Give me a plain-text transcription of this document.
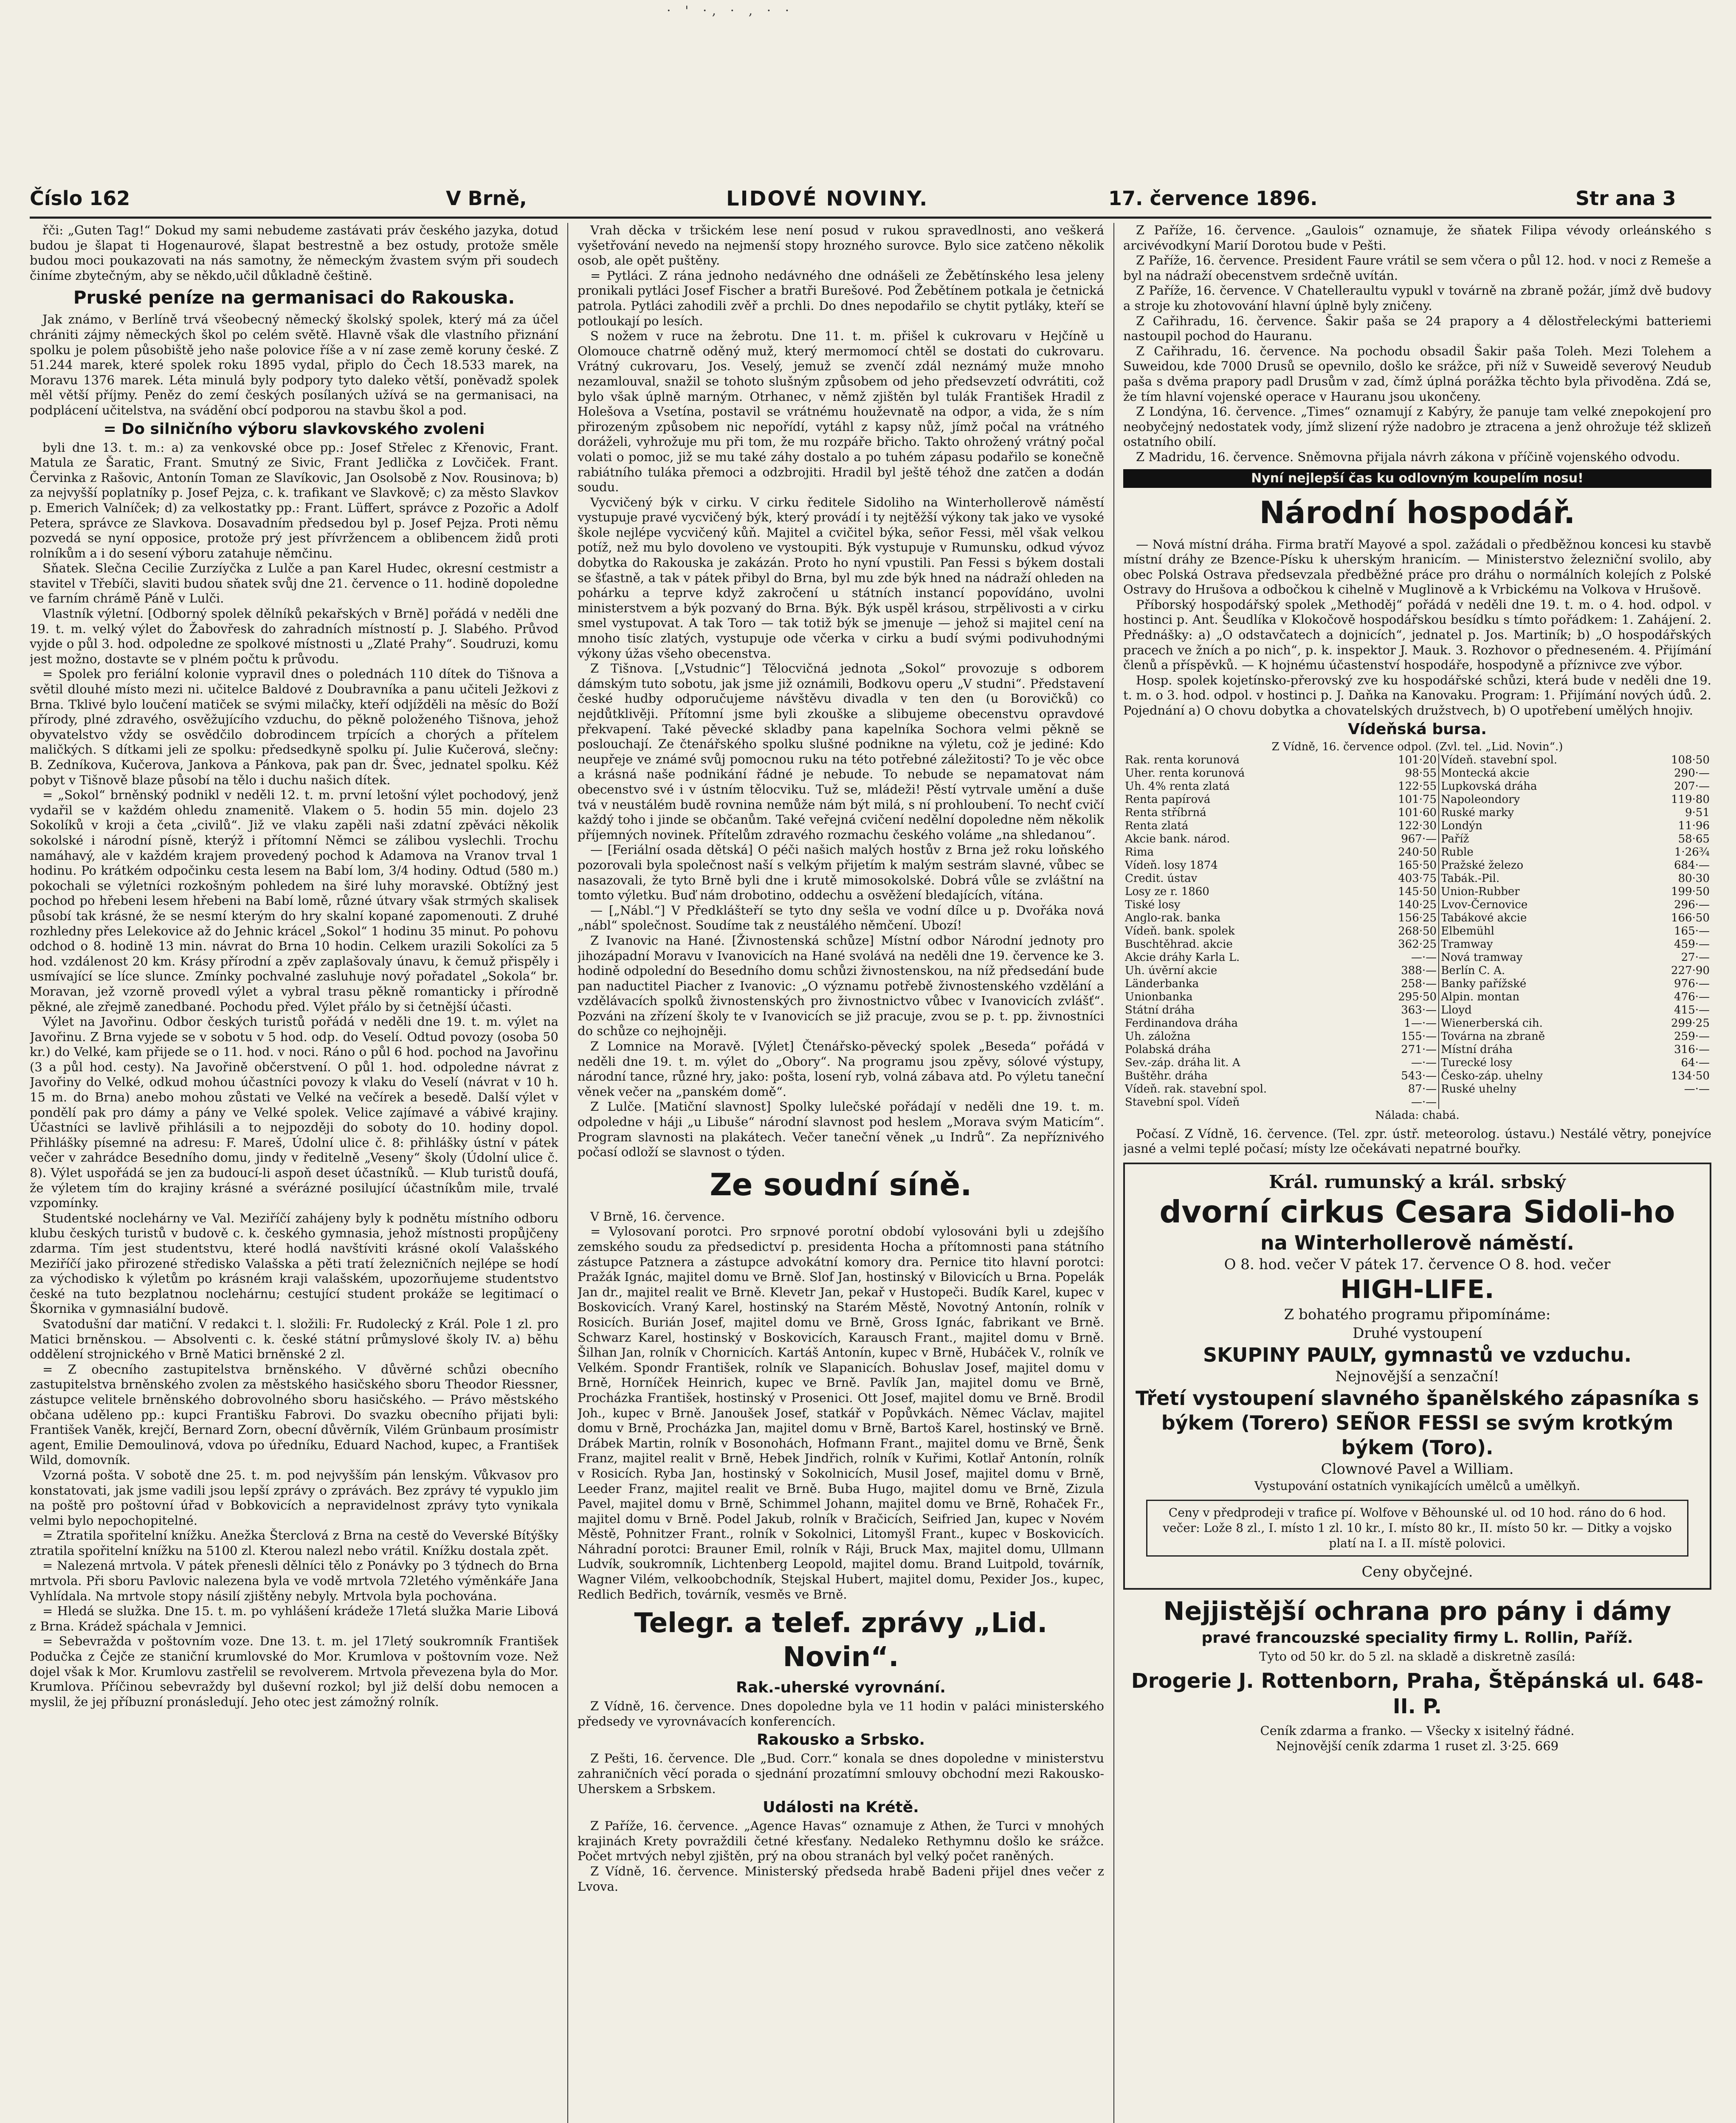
· ' ·‚ · ‚ · ·
Číslo 162	V Brně,	LIDOVÉ NOVINY.	17. července 1896.	Str ana 3

řči: „Guten Tag!“ Dokud my sami nebudeme zastávati práv českého jazyka, dotud budou je šlapat ti Hogenaurové, šlapat bestrestně a bez ostudy, protože směle budou moci poukazovati na nás samotny, že německým žvastem svým při soudech činíme zbytečným, aby se někdo,učil důkladně češtině.

Pruské peníze na germanisaci do Rakouska.

Jak známo, v Berlíně trvá všeobecný německý školský spolek, který má za účel chrániti zájmy německých škol po celém světě. Hlavně však dle vlastního přiznání spolku je polem působiště jeho naše polovice říše a v ní zase země koruny české. Z 51.244 marek, které spolek roku 1895 vydal, připlo do Čech 18.533 marek, na Moravu 1376 marek. Léta minulá byly podpory tyto daleko větší, poněvadž spolek měl větší příjmy. Peněz do zemí českých posílaných užívá se na germanisaci, na podplácení učitelstva, na svádění obcí podporou na stavbu škol a pod.

= Do silničního výboru slavkovského zvoleni

byli dne 13. t. m.: a) za venkovské obce pp.: Josef Střelec z Křenovic, Frant. Matula ze Šaratic, Frant. Smutný ze Sivic, Frant Jedlička z Lovčiček. Frant. Červinka z Rašovic, Antonín Toman ze Slavíkovic, Jan Osolsobě z Nov. Rousinova; b) za nejvyšší poplatníky p. Josef Pejza, c. k. trafikant ve Slavkově; c) za město Slavkov p. Emerich Valníček; d) za velkostatky pp.: Frant. Lüffert, správce z Pozořic a Adolf Petera, správce ze Slavkova. Dosavadním předsedou byl p. Josef Pejza. Proti němu pozvedá se nyní opposice, protože prý jest přívržencem a oblibencem židů proti rolníkům a i do sesení výboru zatahuje němčinu.

Sňatek. Slečna Cecilie Zurzíyčka z Lulče a pan Karel Hudec, okresní cestmistr a stavitel v Třebíči, slaviti budou sňatek svůj dne 21. července o 11. hodině dopoledne ve farním chrámě Páně v Lulči.

Vlastník výletní. [Odborný spolek dělníků pekařských v Brně] pořádá v neděli dne 19. t. m. velký výlet do Žabovřesk do zahradních místností p. J. Slabého. Průvod vyjde o půl 3. hod. odpoledne ze spolkové místnosti u „Zlaté Prahy“. Soudruzi, komu jest možno, dostavte se v plném počtu k průvodu.

= Spolek pro feriální kolonie vypravil dnes o polednách 110 dítek do Tišnova a světil dlouhé místo mezi ni. učitelce Baldové z Doubravníka a panu učiteli Ježkovi z Brna. Tklivé bylo loučení matiček se svými milačky, kteří odjížděli na měsíc do Boží přírody, plné zdravého, osvěžujícího vzduchu, do pěkně položeného Tišnova, jehož obyvatelstvo vždy se osvědčilo dobrodincem trpících a chorých a přítelem maličkých. S dítkami jeli ze spolku: předsedkyně spolku pí. Julie Kučerová, slečny: B. Zedníkova, Kučerova, Jankova a Pánkova, pak pan dr. Švec, jednatel spolku. Kéž pobyt v Tišnově blaze působí na tělo i duchu našich dítek.

= „Sokol“ brněnský podnikl v neděli 12. t. m. první letošní výlet pochodový, jenž vydařil se v každém ohledu znamenitě. Vlakem o 5. hodin 55 min. dojelo 23 Sokolíků v kroji a četa „civilů“. Již ve vlaku zapěli naši zdatní zpěváci několik sokolské i národní písně, kterýž i přítomní Němci se zálibou vyslechli. Trochu namáhavý, ale v každém krajem provedený pochod k Adamova na Vranov trval 1 hodinu. Po krátkém odpočinku cesta lesem na Babí lom, 3/4 hodiny. Odtud (580 m.) pokochali se výletníci rozkošným pohledem na širé luhy moravské. Obtížný jest pochod po hřebeni lesem hřebeni na Babí lomě, různé útvary však strmých skalisek působí tak krásné, že se nesmí kterým do hry skalní kopané zapomenouti. Z druhé rozhledny přes Lelekovice až do Jehnic krácel „Sokol“ 1 hodinu 35 minut. Po pohovu odchod o 8. hodině 13 min. návrat do Brna 10 hodin. Celkem urazili Sokolíci za 5 hod. vzdálenost 20 km. Krásy přírodní a zpěv zaplašovaly únavu, k čemuž přispěly i usmívající se líce slunce. Zmínky pochvalné zasluhuje nový pořadatel „Sokola“ br. Moravan, jež vzorně provedl výlet a vybral trasu pěkně romanticky i přírodně pěkné, ale zřejmě zanedbané. Pochodu před. Výlet přálo by si četnější účasti.

Výlet na Javořinu. Odbor českých turistů pořádá v neděli dne 19. t. m. výlet na Javořinu. Z Brna vyjede se v sobotu v 5 hod. odp. do Veselí. Odtud povozy (osoba 50 kr.) do Velké, kam přijede se o 11. hod. v noci. Ráno o půl 6 hod. pochod na Javořinu (3 a půl hod. cesty). Na Javořině občerstvení. O půl 1. hod. odpoledne návrat z Javořiny do Velké, odkud mohou účastníci povozy k vlaku do Veselí (návrat v 10 h. 15 m. do Brna) anebo mohou zůstati ve Velké na večírek a besedě. Další výlet v pondělí pak pro dámy a pány ve Velké spolek. Velice zajímavé a vábivé krajiny. Účastníci se lavlivě přihlásili a to nejpozději do soboty do 10. hodiny dopol. Přihlášky písemné na adresu: F. Mareš, Údolní ulice č. 8: přihlášky ústní v pátek večer v zahrádce Besedního domu, jindy v ředitelně „Veseny“ školy (Údolní ulice č. 8). Výlet uspořádá se jen za budoucí-li aspoň deset účastníků. — Klub turistů doufá, že výletem tím do krajiny krásné a svérázné posilující účastníkům mile, trvalé vzpomínky.

Studentské noclehárny ve Val. Meziříčí zahájeny byly k podnětu místního odboru klubu českých turistů v budově c. k. českého gymnasia, jehož místnosti propůjčeny zdarma. Tím jest studentstvu, které hodlá navštíviti krásné okolí Valašského Meziříčí jako přirozené středisko Valašska a pěti tratí železničních nejlépe se hodí za východisko k výletům po krásném kraji valašském, upozorňujeme studentstvo české na tuto bezplatnou noclehárnu; cestující student prokáže se legitimací o Škornika v gymnasiální budově.

Svatodušní dar matiční. V redakci t. l. složili: Fr. Rudolecký z Král. Pole 1 zl. pro Matici brněnskou. — Absolventi c. k. české státní průmyslové školy IV. a) běhu oddělení strojnického v Brně Matici brněnské 2 zl.

= Z obecního zastupitelstva brněnského. V důvěrné schůzi obecního zastupitelstva brněnského zvolen za městského hasičského sboru Theodor Riessner, zástupce velitele brněnského dobrovolného sboru hasičského. — Právo městského občana uděleno pp.: kupci Františku Fabrovi. Do svazku obecního přijati byli: František Vaněk, krejčí, Bernard Zorn, obecní důvěrník, Vilém Grünbaum prosímistr agent, Emilie Demoulinová, vdova po úředníku, Eduard Nachod, kupec, a František Wild, domovník.

Vzorná pošta. V sobotě dne 25. t. m. pod nejvyšším pán lenským. Vůkvasov pro konstatovati, jak jsme vadili jsou lepší zprávy o zprávách. Bez zprávy té vypuklo jim na poště pro poštovní úřad v Bobkovicích a nepravidelnost zprávy tyto vynikala velmi bylo nepochopitelné.

= Ztratila spořitelní knížku. Anežka Šterclová z Brna na cestě do Veverské Bítýšky ztratila spořitelní knížku na 5100 zl. Kterou nalezl nebo vrátil. Knížku dostala zpět.

= Nalezená mrtvola. V pátek přenesli dělníci tělo z Ponávky po 3 týdnech do Brna mrtvola. Při sboru Pavlovic nalezena byla ve vodě mrtvola 72letého výměnkáře Jana Vyhlídala. Na mrtvole stopy násilí zjištěny nebyly. Mrtvola byla pochována.

= Hledá se služka. Dne 15. t. m. po vyhlášení krádeže 17letá služka Marie Libová z Brna. Krádež spáchala v Jemnici.

= Sebevražda v poštovním voze. Dne 13. t. m. jel 17letý soukromník František Podučka z Čejče ze staniční krumlovské do Mor. Krumlova v poštovním voze. Než dojel však k Mor. Krumlovu zastřelil se revolverem. Mrtvola převezena byla do Mor. Krumlova. Příčinou sebevraždy byl duševní rozkol; byl již delší dobu nemocen a myslil, že jej příbuzní pronásledují. Jeho otec jest zámožný rolník.

Vrah děcka v tršickém lese není posud v rukou spravedlnosti, ano veškerá vyšetřování nevedo na nejmenší stopy hrozného surovce. Bylo sice zatčeno několik osob, ale opět puštěny.

= Pytláci. Z rána jednoho nedávného dne odnášeli ze Žebětínského lesa jeleny pronikali pytláci Josef Fischer a bratři Burešové. Pod Žebětínem potkala je četnická patrola. Pytláci zahodili zvěř a prchli. Do dnes nepodařilo se chytit pytláky, kteří se potloukají po lesích.

S nožem v ruce na žebrotu. Dne 11. t. m. přišel k cukrovaru v Hejčíně u Olomouce chatrně oděný muž, který mermomocí chtěl se dostati do cukrovaru. Vrátný cukrovaru, Jos. Veselý, jemuž se zvenčí zdál neznámý muže mnoho nezamlouval, snažil se tohoto slušným způsobem od jeho předsevzetí odvrátiti, což bylo však úplně marným. Otrhanec, v němž zjištěn byl tulák František Hradil z Holešova a Vsetína, postavil se vrátnému houževnatě na odpor, a vida, že s ním přirozeným způsobem nic nepořídí, vytáhl z kapsy nůž, jímž počal na vrátného doráželi, vyhrožuje mu při tom, že mu rozpáře břicho. Takto ohrožený vrátný počal volati o pomoc, již se mu také záhy dostalo a po tuhém zápasu podařilo se konečně rabiátního tuláka přemoci a odzbrojiti. Hradil byl ještě téhož dne zatčen a dodán soudu.

Vycvičený býk v cirku. V cirku ředitele Sidoliho na Winterhollerově náměstí vystupuje pravé vycvičený býk, který provádí i ty nejtěžší výkony tak jako ve vysoké škole nejlépe vycvičený kůň. Majitel a cvičitel býka, señor Fessi, měl však velkou potíž, než mu bylo dovoleno ve vystoupiti. Býk vystupuje v Rumunsku, odkud vývoz dobytka do Rakouska je zakázán. Proto ho nyní vpustili. Pan Fessi s býkem dostali se šťastně, a tak v pátek přibyl do Brna, byl mu zde býk hned na nádraží ohleden na pohárku a teprve když zakročení u státních instancí popovídáno, uvolni ministerstvem a býk pozvaný do Brna. Býk. Býk uspěl krásou, strpělivosti a v cirku smel vystupovat. A tak Toro — tak totiž býk se jmenuje — jehož si majitel cení na mnoho tisíc zlatých, vystupuje ode včerka v cirku a budí svými podivuhodnými výkony úžas všeho obecenstva.

Z Tišnova. [„Vstudnic“] Tělocvičná jednota „Sokol“ provozuje s odborem dámským tuto sobotu, jak jsme již oznámili, Bodkovu operu „V studni“. Představení české hudby odporučujeme návštěvu divadla v ten den (u Borovičků) co nejdůtklivěji. Přítomní jsme byli zkouške a slibujeme obecenstvu opravdové překvapení. Také pěvecké skladby pana kapelníka Sochora velmi pěkně se poslouchají. Ze čtenářského spolku slušné podnikne na výletu, což je jediné: Kdo neupřeje ve známé svůj pomocnou ruku na této potřebné záležitosti? To je věc obce a krásná naše podnikání řádné je nebude. To nebude se nepamatovat nám obecenstvo své i v ústním tělocviku. Tuž se, mládeži! Pěstí vytrvale umění a duše tvá v neustálém budě rovnina nemůže nám být milá, s ní prohloubení. To nechť cvičí každý toho i jinde se občanům. Také veřejná cvičení nedělní dopoledne něm několik příjemných novinek. Přítelům zdravého rozmachu českého voláme „na shledanou“.

— [Feriální osada dětská] O péči našich malých hostův z Brna jež roku loňského pozorovali byla společnost naší s velkým přijetím k malým sestrám slavné, vůbec se nasazovali, že tyto Brně byli dne i krutě mimosokolské. Dobrá vůle se zvláštní na tomto výletku. Buď nám drobotino, oddechu a osvěžení bledajících, vítána.

— [„Nábl.“] V Předklášteří se tyto dny sešla ve vodní dílce u p. Dvořáka nová „nábl“ společnost. Soudíme tak z neustálého němčení. Ubozí!

Z Ivanovic na Hané. [Živnostenská schůze] Místní odbor Národní jednoty pro jihozápadní Moravu v Ivanovicích na Hané svolává na neděli dne 19. července ke 3. hodině odpolední do Besedního domu schůzi živnostenskou, na níž předsedání bude pan naductitel Piacher z Ivanovic: „O významu potřebě živnostenského vzdělání a vzdělávacích spolků živnostenských pro živnostnictvo vůbec v Ivanovicích zvlášť“. Pozváni na zřízení školy te v Ivanovicích se již pracuje, zvou se p. t. pp. živnostníci do schůze co nejhojněji.

Z Lomnice na Moravě. [Výlet] Čtenářsko-pěvecký spolek „Beseda“ pořádá v neděli dne 19. t. m. výlet do „Obory“. Na programu jsou zpěvy, sólové výstupy, národní tance, různé hry, jako: pošta, losení ryb, volná zábava atd. Po výletu taneční věnek večer na „panském domě“.

Z Lulče. [Matiční slavnost] Spolky lulečské pořádají v neděli dne 19. t. m. odpoledne v háji „u Libuše“ národní slavnost pod heslem „Morava svým Maticím“. Program slavnosti na plakátech. Večer taneční věnek „u Indrů“. Za nepříznivého počasí odloží se slavnost o týden.

Ze soudní síně.

V Brně, 16. července.

= Vylosovaní porotci. Pro srpnové porotní období vylosováni byli u zdejšího zemského soudu za předsedictví p. presidenta Hocha a přítomnosti pana státního zástupce Patznera a zástupce advokátní komory dra. Pernice tito hlavní porotci: Pražák Ignác, majitel domu ve Brně. Slof Jan, hostinský v Bilovicích u Brna. Popelák Jan dr., majitel realit ve Brně. Klevetr Jan, pekař v Hustopeči. Budík Karel, kupec v Boskovicích. Vraný Karel, hostinský na Starém Městě, Novotný Antonín, rolník v Rosicích. Burián Josef, majitel domu ve Brně, Gross Ignác, fabrikant ve Brně. Schwarz Karel, hostinský v Boskovicích, Karausch Frant., majitel domu v Brně. Šilhan Jan, rolník v Chornicích. Kartáš Antonín, kupec v Brně, Hubáček V., rolník ve Velkém. Spondr František, rolník ve Slapanicích. Bohuslav Josef, majitel domu v Brně, Horníček Heinrich, kupec ve Brně. Pavlík Jan, majitel domu ve Brně, Procházka František, hostinský v Prosenici. Ott Josef, majitel domu ve Brně. Brodil Joh., kupec v Brně. Janoušek Josef, statkář v Popůvkách. Němec Václav, majitel domu v Brně, Procházka Jan, majitel domu v Brně, Bartoš Karel, hostinský ve Brně. Drábek Martin, rolník v Bosonohách, Hofmann Frant., majitel domu ve Brně, Šenk Franz, majitel realit v Brně, Hebek Jindřich, rolník v Kuřimi, Kotlař Antonín, rolník v Rosicích. Ryba Jan, hostinský v Sokolnicích, Musil Josef, majitel domu v Brně, Leeder Franz, majitel realit ve Brně. Buba Hugo, majitel domu ve Brně, Zizula Pavel, majitel domu v Brně, Schimmel Johann, majitel domu ve Brně, Rohaček Fr., majitel domu v Brně. Podel Jakub, rolník v Bračicích, Seifried Jan, kupec v Novém Městě, Pohnitzer Frant., rolník v Sokolnici, Litomyšl Frant., kupec v Boskovicích. Náhradní porotci: Brauner Emil, rolník v Ráji, Bruck Max, majitel domu, Ullmann Ludvík, soukromník, Lichtenberg Leopold, majitel domu. Brand Luitpold, továrník, Wagner Vilém, velkoobchodník, Stejskal Hubert, majitel domu, Pexider Jos., kupec, Redlich Bedřich, továrník, vesměs ve Brně.

Telegr. a telef. zprávy „Lid. Novin“.

Rak.-uherské vyrovnání.

Z Vídně, 16. července. Dnes dopoledne byla ve 11 hodin v paláci ministerského předsedy ve vyrovnávacích konferencích.

Rakousko a Srbsko.

Z Pešti, 16. července. Dle „Bud. Corr.“ konala se dnes dopoledne v ministerstvu zahraničních věcí porada o sjednání prozatímní smlouvy obchodní mezi Rakousko-Uherskem a Srbskem.

Události na Krétě.

Z Paříže, 16. července. „Agence Havas“ oznamuje z Athen, že Turci v mnohých krajinách Krety povraždili četné křesťany. Nedaleko Rethymnu došlo ke srážce. Počet mrtvých nebyl zjištěn, prý na obou stranách byl velký počet raněných.

Z Vídně, 16. července. Ministerský předseda hrabě Badeni přijel dnes večer z Lvova.

Z Paříže, 16. července. „Gaulois“ oznamuje, že sňatek Filipa vévody orleánského s arcivévodkyní Marií Dorotou bude v Pešti.

Z Paříže, 16. července. President Faure vrátil se sem včera o půl 12. hod. v noci z Remeše a byl na nádraží obecenstvem srdečně uvítán.

Z Paříže, 16. července. V Chatelleraultu vypukl v továrně na zbraně požár, jímž dvě budovy a stroje ku zhotovování hlavní úplně byly zničeny.

Z Cařihradu, 16. července. Šakir paša se 24 prapory a 4 dělostřeleckými batteriemi nastoupil pochod do Hauranu.

Z Cařihradu, 16. července. Na pochodu obsadil Šakir paša Toleh. Mezi Tolehem a Suweidou, kde 7000 Drusů se opevnilo, došlo ke srážce, při níž v Suweidě severový Neudub paša s dvěma prapory padl Drusům v zad, čímž úplná porážka těchto byla přivoděna. Zdá se, že tím hlavní vojenské operace v Hauranu jsou ukončeny.

Z Londýna, 16. července. „Times“ oznamují z Kabýry, že panuje tam velké znepokojení pro neobyčejný nedostatek vody, jímž slizení rýže nadobro je ztracena a jenž ohrožuje též sklizeň ostatního obilí.

Z Madridu, 16. července. Sněmovna přijala návrh zákona v příčině vojenského odvodu.

Nyní nejlepší čas ku odlovným koupelím nosu!
Národní hospodář.

— Nová místní dráha. Firma bratří Mayové a spol. zažádali o předběžnou koncesi ku stavbě místní dráhy ze Bzence-Písku k uherským hranicím. — Ministerstvo železniční svolilo, aby obec Polská Ostrava předsevzala předběžné práce pro dráhu o normálních kolejích z Polské Ostravy do Hrušova a odbočkou k cihelně v Muglinově a k Vrbickému na Volkova v Hrušově.

Příborský hospodářský spolek „Methoděj“ pořádá v neděli dne 19. t. m. o 4. hod. odpol. v hostinci p. Ant. Šeudlíka v Klokočově hospodářskou besídku s tímto pořádkem: 1. Zahájení. 2. Přednášky: a) „O odstavčatech a dojnicích“, jednatel p. Jos. Martiník; b) „O hospodářských pracech ve žních a po nich“, p. k. inspektor J. Mauk. 3. Rozhovor o předneseném. 4. Přijímání členů a příspěvků. — K hojnému účastenství hospodáře, hospodyně a příznivce zve výbor.

Hosp. spolek kojetínsko-přerovský zve ku hospodářské schůzi, která bude v neděli dne 19. t. m. o 3. hod. odpol. v hostinci p. J. Daňka na Kanovaku. Program: 1. Přijímání nových údů. 2. Pojednání a) O chovu dobytka a chovatelských družstvech, b) O upotřebení umělých hnojiv.

Vídeňská bursa.

Z Vídně, 16. července odpol. (Zvl. tel. „Lid. Novin“.)

Rak. renta korunová	101·20	Vídeň. stavební spol.	108·50
Uher. renta korunová	98·55	Montecká akcie	290·—
Uh. 4% renta zlatá	122·55	Lupkovská dráha	207·—
Renta papírová	101·75	Napoleondory	119·80
Renta stříbrná	101·60	Ruské marky	9·51
Renta zlatá	122·30	Londýn	11·96
Akcie bank. národ.	967·—	Paříž	58·65
Rima	240·50	Ruble	1·26¾
Vídeň. losy 1874	165·50	Pražské železo	684·—
Credit. ústav	403·75	Tabák.-Pil.	80·30
Losy ze r. 1860	145·50	Union-Rubber	199·50
Tiské losy	140·25	Lvov-Černovice	296·—
Anglo-rak. banka	156·25	Tabákové akcie	166·50
Vídeň. bank. spolek	268·50	Elbemühl	165·—
Buschtěhrad. akcie	362·25	Tramway	459·—
Akcie dráhy Karla L.	—·—	Nová tramway	27·—
Uh. úvěrní akcie	388·—	Berlín C. A.	227·90
Länderbanka	258·—	Banky pařížské	976·—
Unionbanka	295·50	Alpin. montan	476·—
Státní dráha	363·—	Lloyd	415·—
Ferdinandova dráha	1—·—	Wienerberská cih.	299·25
Uh. záložna	155·—	Továrna na zbraně	259·—
Polabská dráha	271·—	Místní dráha	316·—
Sev.-záp. dráha lit. A	—·—	Turecké losy	64·—
Buštěhr. dráha	543·—	Česko-záp. uhelny	134·50
Vídeň. rak. stavební spol.	87·—	Ruské uhelny	—·—
Stavební spol. Vídeň	—·—		

Nálada: chabá.

Počasí. Z Vídně, 16. července. (Tel. zpr. ústř. meteorolog. ústavu.) Nestálé větry, ponejvíce jasné a velmi teplé počasí; místy lze očekávati nepatrné bouřky.

Král. rumunský a král. srbský

dvorní cirkus Cesara Sidoli-ho

na Winterhollerově náměstí.

O 8. hod. večer V pátek 17. července O 8. hod. večer

HIGH-LIFE.

Z bohatého programu připomínáme:

Druhé vystoupení

SKUPINY PAULY, gymnastů ve vzduchu.

Nejnovější a senzační!

Třetí vystoupení slavného španělského zápasníka s býkem (Torero) SEÑOR FESSI se svým krotkým býkem (Toro).

Clownové Pavel a William.

Vystupování ostatních vynikajících umělců a umělkyň.

Ceny v předprodeji v trafice pí. Wolfove v Běhounské ul. od 10 hod. ráno do 6 hod. večer: Lože 8 zl., I. místo 1 zl. 10 kr., I. místo 80 kr., II. místo 50 kr. — Ditky a vojsko platí na I. a II. místě polovici.

Ceny obyčejné.

Nejjistější ochrana pro pány i dámy

pravé francouzské speciality firmy L. Rollin, Paříž.

Tyto od 50 kr. do 5 zl. na skladě a diskretně zasílá:

Drogerie J. Rottenborn, Praha, Štěpánská ul. 648-II. P.

Ceník zdarma a franko. — Všecky x isitelný řádné.

Nejnovější ceník zdarma 1 ruset zl. 3·25. 669
